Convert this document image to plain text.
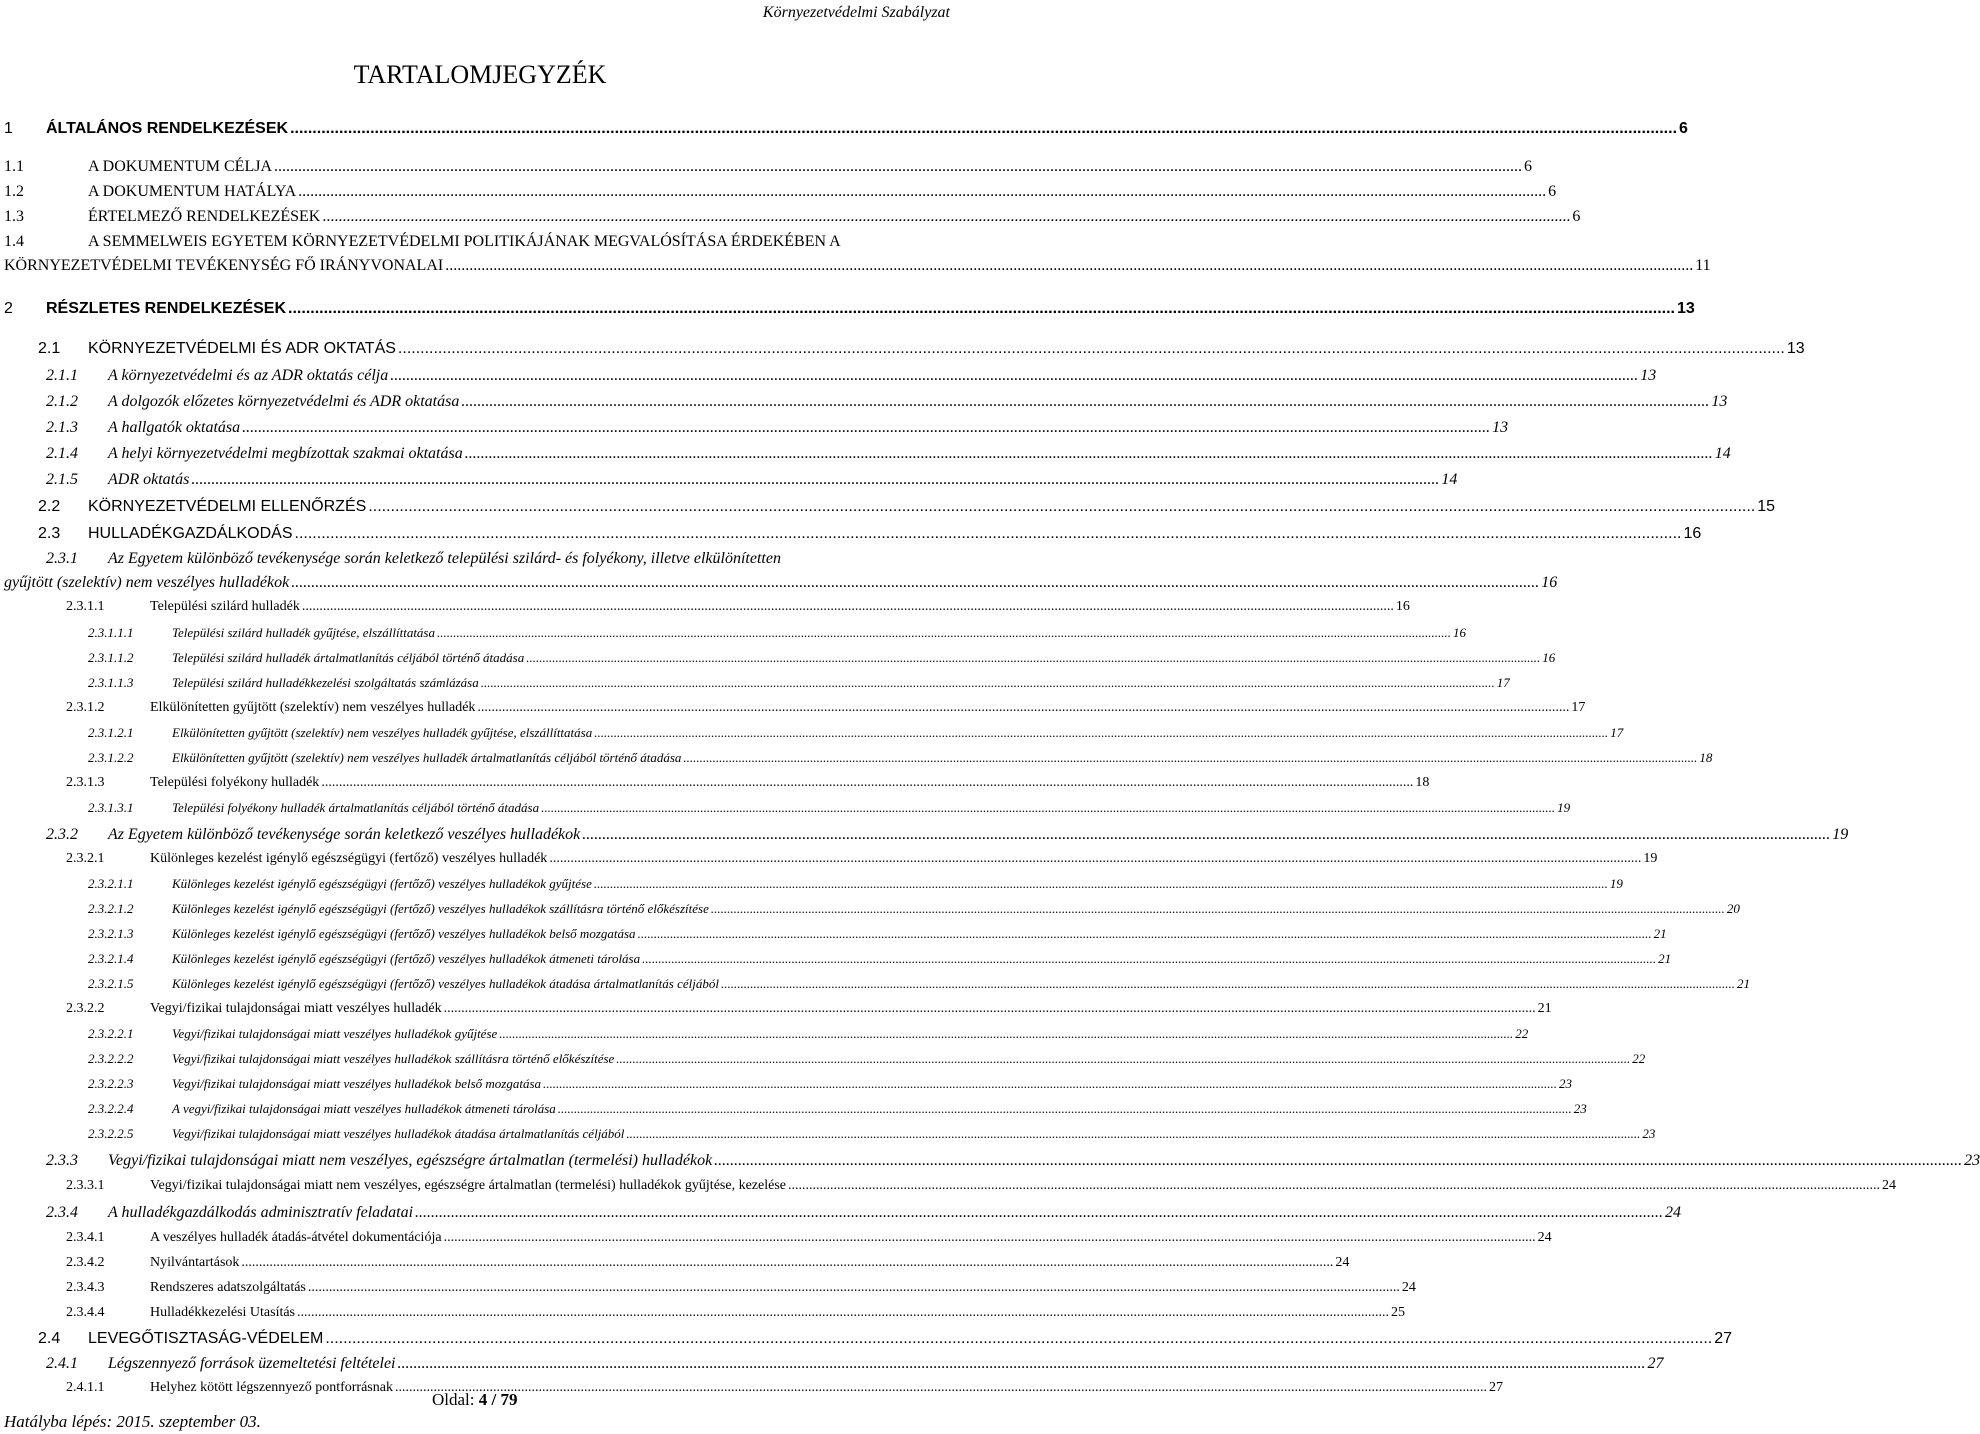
Környezetvédelmi Szabályzat
TARTALOMJEGYZÉK
1 ÁLTALÁNOS RENDELKEZÉSEK .....	6
1.1	A DOKUMENTUM CÉLJA .....	6
1.2	A DOKUMENTUM HATÁLYA .....	6
1.3	ÉRTELMEZŐ RENDELKEZÉSEK .....	6
1.4	A SEMMELWEIS EGYETEM KÖRNYEZETVÉDELMI POLITIKÁJÁNAK MEGVALÓSÍTÁSA ÉRDEKÉBEN A
KÖRNYEZETVÉDELMI TEVÉKENYSÉG FŐ IRÁNYVONALAI .....	11
2 RÉSZLETES RENDELKEZÉSEK .....	13
2.1 KÖRNYEZETVÉDELMI ÉS ADR OKTATÁS .....	13
2.1.1 A környezetvédelmi és az ADR oktatás célja .....	13
2.1.2 A dolgozók előzetes környezetvédelmi és ADR oktatása .....	13
2.1.3 A hallgatók oktatása .....	13
2.1.4 A helyi környezetvédelmi megbízottak szakmai oktatása .....	14
2.1.5 ADR oktatás .....	14
2.2 KÖRNYEZETVÉDELMI ELLENŐRZÉS .....	15
2.3 HULLADÉKGAZDÁLKODÁS .....	16
2.3.1 Az Egyetem különböző tevékenysége során keletkező települési szilárd- és folyékony, illetve elkülönítetten
gyűjtött (szelektív) nem veszélyes hulladékok .....	16
2.3.1.1	Települési szilárd hulladék .....	16
2.3.1.1.1	Települési szilárd hulladék gyűjtése, elszállíttatása .....	16
2.3.1.1.2	Települési szilárd hulladék ártalmatlanítás céljából történő átadása .....	16
2.3.1.1.3	Települési szilárd hulladékkezelési szolgáltatás számlázása .....	17
2.3.1.2	Elkülönítetten gyűjtött (szelektív) nem veszélyes hulladék .....	17
2.3.1.2.1	Elkülönítetten gyűjtött (szelektív) nem veszélyes hulladék gyűjtése, elszállíttatása .....	17
2.3.1.2.2	Elkülönítetten gyűjtött (szelektív) nem veszélyes hulladék ártalmatlanítás céljából történő átadása .....	18
2.3.1.3	Települési folyékony hulladék .....	18
2.3.1.3.1	Települési folyékony hulladék ártalmatlanítás céljából történő átadása .....	19
2.3.2 Az Egyetem különböző tevékenysége során keletkező veszélyes hulladékok .....	19
2.3.2.1	Különleges kezelést igénylő egészségügyi (fertőző) veszélyes hulladék .....	19
2.3.2.1.1	Különleges kezelést igénylő egészségügyi (fertőző) veszélyes hulladékok gyűjtése .....	19
2.3.2.1.2	Különleges kezelést igénylő egészségügyi (fertőző) veszélyes hulladékok szállításra történő előkészítése .....	20
2.3.2.1.3	Különleges kezelést igénylő egészségügyi (fertőző) veszélyes hulladékok belső mozgatása .....	21
2.3.2.1.4	Különleges kezelést igénylő egészségügyi (fertőző) veszélyes hulladékok átmeneti tárolása .....	21
2.3.2.1.5	Különleges kezelést igénylő egészségügyi (fertőző) veszélyes hulladékok átadása ártalmatlanítás céljából .....	21
2.3.2.2	Vegyi/fizikai tulajdonságai miatt veszélyes hulladék .....	21
2.3.2.2.1	Vegyi/fizikai tulajdonságai miatt veszélyes hulladékok gyűjtése .....	22
2.3.2.2.2	Vegyi/fizikai tulajdonságai miatt veszélyes hulladékok szállításra történő előkészítése .....	22
2.3.2.2.3	Vegyi/fizikai tulajdonságai miatt veszélyes hulladékok belső mozgatása .....	23
2.3.2.2.4	A vegyi/fizikai tulajdonságai miatt veszélyes hulladékok átmeneti tárolása .....	23
2.3.2.2.5	Vegyi/fizikai tulajdonságai miatt veszélyes hulladékok átadása ártalmatlanítás céljából .....	23
2.3.3 Vegyi/fizikai tulajdonságai miatt nem veszélyes, egészségre ártalmatlan (termelési) hulladékok .....	23
2.3.3.1	Vegyi/fizikai tulajdonságai miatt nem veszélyes, egészségre ártalmatlan (termelési) hulladékok gyűjtése, kezelése .....	24
2.3.4 A hulladékgazdálkodás adminisztratív feladatai .....	24
2.3.4.1	A veszélyes hulladék átadás-átvétel dokumentációja .....	24
2.3.4.2	Nyilvántartások .....	24
2.3.4.3	Rendszeres adatszolgáltatás .....	24
2.3.4.4	Hulladékkezelési Utasítás .....	25
2.4 LEVEGŐTISZTASÁG-VÉDELEM .....	27
2.4.1 Légszennyező források üzemeltetési feltételei .....	27
2.4.1.1	Helyhez kötött légszennyező pontforrásnak .....	27
Oldal: 4 / 79
Hatályba lépés: 2015. szeptember 03.
